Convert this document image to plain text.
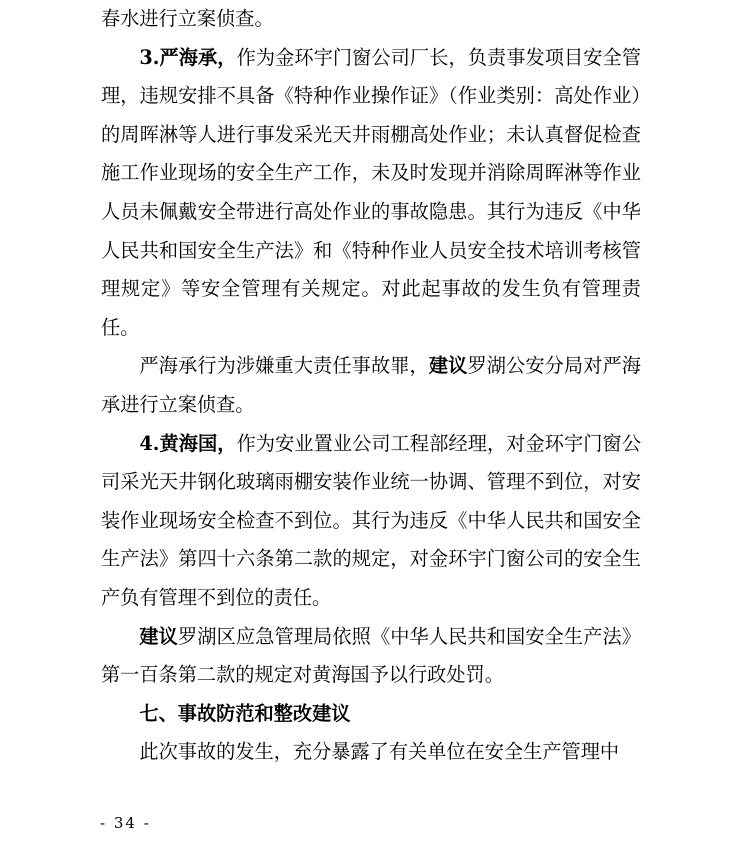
春水进行立案侦查。

3.严海承，作为金环宇门窗公司厂长，负责事发项目安全管理，违规安排不具备《特种作业操作证》（作业类别：高处作业）的周晖淋等人进行事发采光天井雨棚高处作业；未认真督促检查施工作业现场的安全生产工作，未及时发现并消除周晖淋等作业人员未佩戴安全带进行高处作业的事故隐患。其行为违反《中华人民共和国安全生产法》和《特种作业人员安全技术培训考核管理规定》等安全管理有关规定。对此起事故的发生负有管理责任。

严海承行为涉嫌重大责任事故罪，建议罗湖公安分局对严海承进行立案侦查。

4.黄海国，作为安业置业公司工程部经理，对金环宇门窗公司采光天井钢化玻璃雨棚安装作业统一协调、管理不到位，对安装作业现场安全检查不到位。其行为违反《中华人民共和国安全生产法》第四十六条第二款的规定，对金环宇门窗公司的安全生产负有管理不到位的责任。

建议罗湖区应急管理局依照《中华人民共和国安全生产法》第一百条第二款的规定对黄海国予以行政处罚。

七、事故防范和整改建议

此次事故的发生，充分暴露了有关单位在安全生产管理中

- 34 -
